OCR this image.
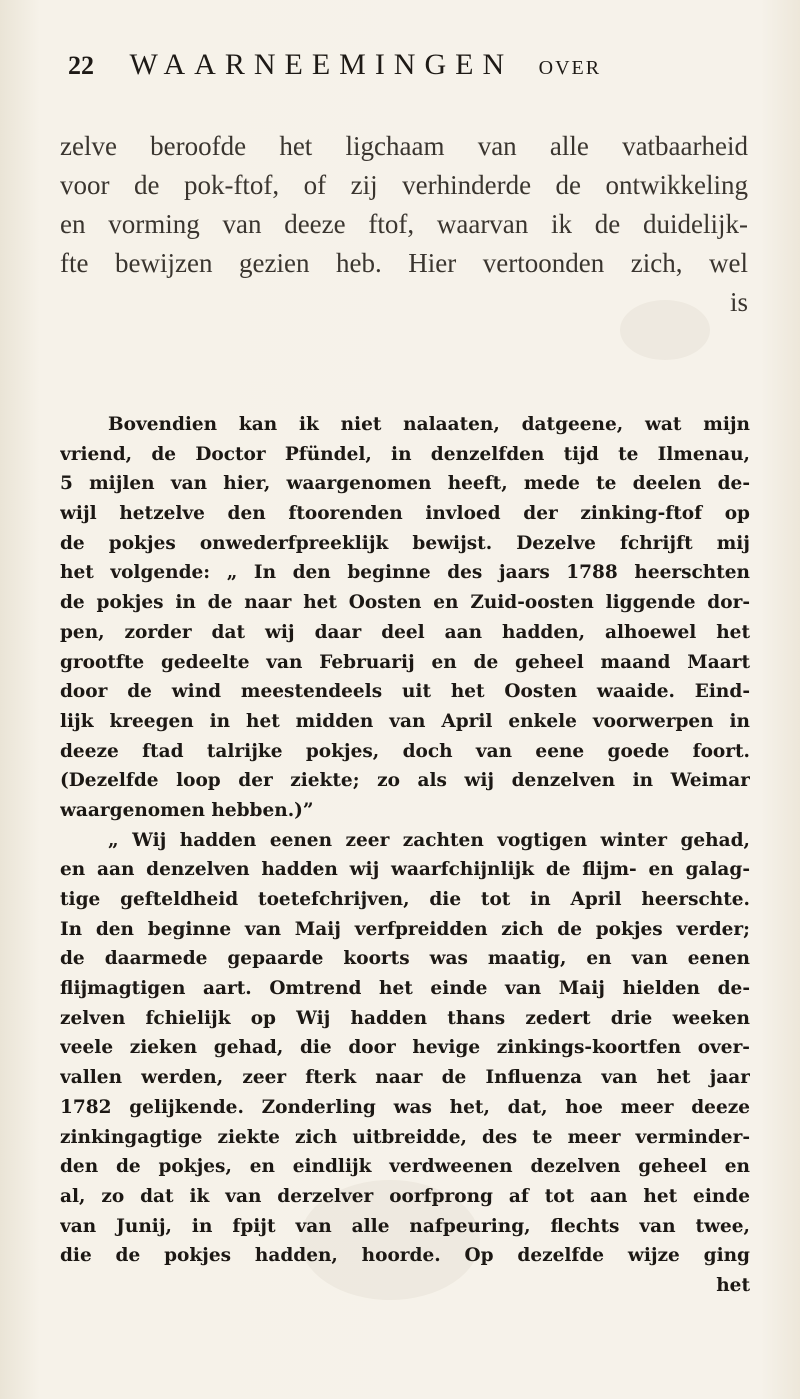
22 WAARNEEMINGEN OVER
zelve beroofde het ligchaam van alle vatbaarheid
voor de pok-ftof, of zij verhinderde de ontwikkeling
en vorming van deeze ftof, waarvan ik de duidelijk-
fte bewijzen gezien heb. Hier vertoonden zich, wel
is
Bovendien kan ik niet nalaaten, datgeene, wat mijn
vriend, de Doctor Pfündel, in denzelfden tijd te Ilmenau,
5 mijlen van hier, waargenomen heeft, mede te deelen de-
wijl hetzelve den ftoorenden invloed der zinking-ftof op
de pokjes onwederfpreeklijk bewijst. Dezelve fchrijft mij
het volgende: „ In den beginne des jaars 1788 heerschten
de pokjes in de naar het Oosten en Zuid-oosten liggende dor-
pen, zorder dat wij daar deel aan hadden, alhoewel het
grootfte gedeelte van Februarij en de geheel maand Maart
door de wind meestendeels uit het Oosten waaide. Eind-
lijk kreegen in het midden van April enkele voorwerpen in
deeze ftad talrijke pokjes, doch van eene goede foort.
(Dezelfde loop der ziekte; zo als wij denzelven in Weimar
waargenomen hebben.)”
„ Wij hadden eenen zeer zachten vogtigen winter gehad,
en aan denzelven hadden wij waarfchijnlijk de flijm- en galag-
tige gefteldheid toetefchrijven, die tot in April heerschte.
In den beginne van Maij verfpreidden zich de pokjes verder;
de daarmede gepaarde koorts was maatig, en van eenen
flijmagtigen aart. Omtrend het einde van Maij hielden de-
zelven fchielijk op Wij hadden thans zedert drie weeken
veele zieken gehad, die door hevige zinkings-koortfen over-
vallen werden, zeer fterk naar de Influenza van het jaar
1782 gelijkende. Zonderling was het, dat, hoe meer deeze
zinkingagtige ziekte zich uitbreidde, des te meer verminder-
den de pokjes, en eindlijk verdweenen dezelven geheel en
al, zo dat ik van derzelver oorfprong af tot aan het einde
van Junij, in fpijt van alle nafpeuring, flechts van twee,
die de pokjes hadden, hoorde. Op dezelfde wijze ging
het
